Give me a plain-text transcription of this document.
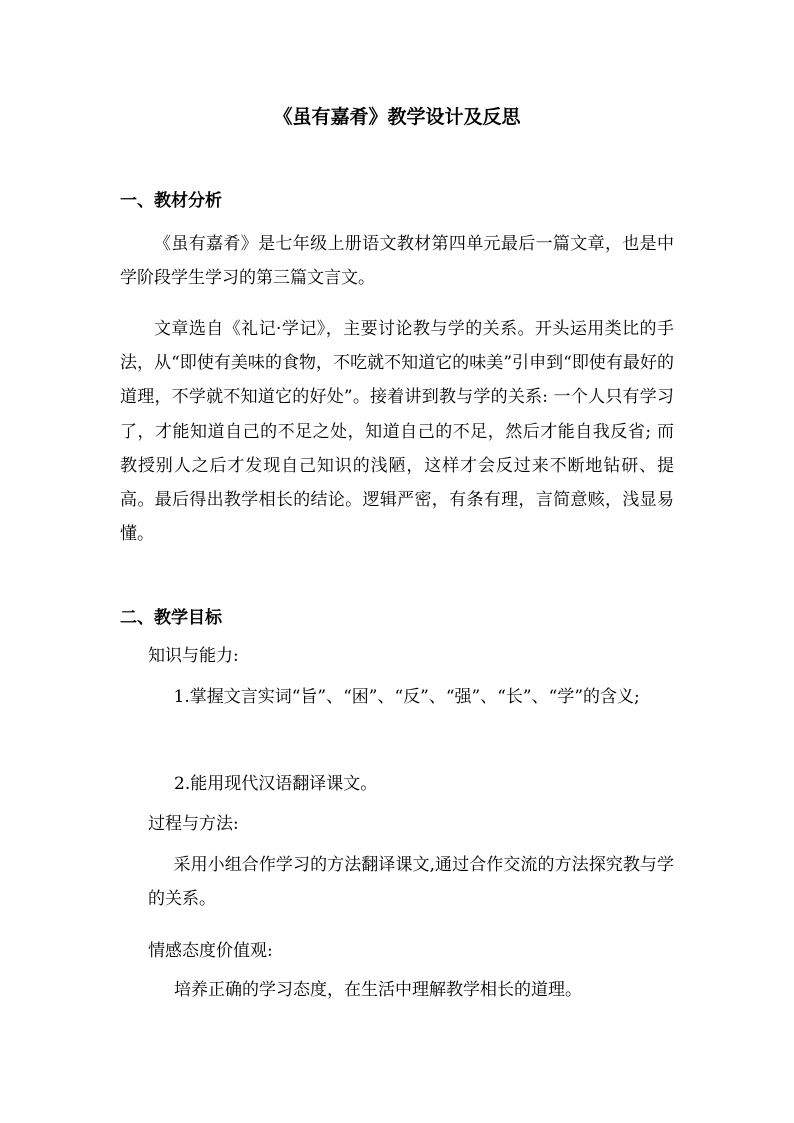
《虽有嘉肴》教学设计及反思
一、教材分析

《虽有嘉肴》是七年级上册语文教材第四单元最后一篇文章，也是中学阶段学生学习的第三篇文言文。

文章选自《礼记·学记》，主要讨论教与学的关系。开头运用类比的手法，从“即使有美味的食物，不吃就不知道它的味美”引申到“即使有最好的道理，不学就不知道它的好处”。接着讲到教与学的关系: 一个人只有学习了，才能知道自己的不足之处，知道自己的不足，然后才能自我反省; 而教授别人之后才发现自己知识的浅陋，这样才会反过来不断地钻研、提高。最后得出教学相长的结论。逻辑严密，有条有理，言简意赅，浅显易懂。

二、教学目标
知识与能力:

1.掌握文言实词“旨”、“困”、“反”、“强”、“长”、“学”的含义;

2.能用现代汉语翻译课文。
过程与方法:

采用小组合作学习的方法翻译课文,通过合作交流的方法探究教与学的关系。

情感态度价值观:
培养正确的学习态度，在生活中理解教学相长的道理。
